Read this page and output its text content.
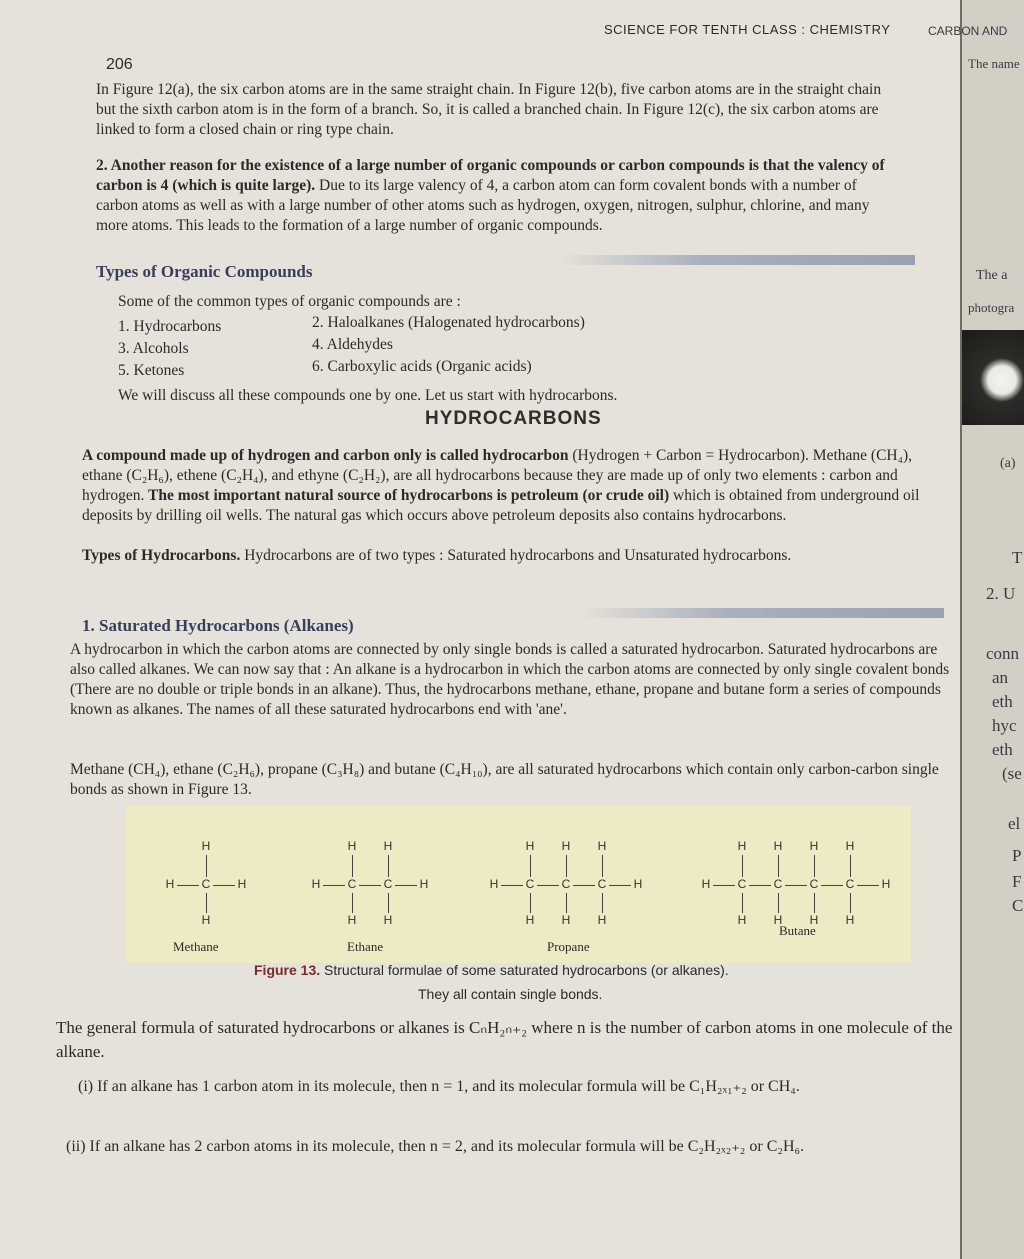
206
SCIENCE FOR TENTH CLASS : CHEMISTRY
In Figure 12(a), the six carbon atoms are in the same straight chain. In Figure 12(b), five carbon atoms are in the straight chain but the sixth carbon atom is in the form of a branch. So, it is called a branched chain. In Figure 12(c), the six carbon atoms are linked to form a closed chain or ring type chain.
2. Another reason for the existence of a large number of organic compounds or carbon compounds is that the valency of carbon is 4 (which is quite large). Due to its large valency of 4, a carbon atom can form covalent bonds with a number of carbon atoms as well as with a large number of other atoms such as hydrogen, oxygen, nitrogen, sulphur, chlorine, and many more atoms. This leads to the formation of a large number of organic compounds.
Types of Organic Compounds
Some of the common types of organic compounds are :
1. Hydrocarbons
3. Alcohols
5. Ketones
2. Haloalkanes (Halogenated hydrocarbons)
4. Aldehydes
6. Carboxylic acids (Organic acids)
We will discuss all these compounds one by one. Let us start with hydrocarbons.
HYDROCARBONS
A compound made up of hydrogen and carbon only is called hydrocarbon (Hydrogen + Carbon = Hydrocarbon). Methane (CH₄), ethane (C₂H₆), ethene (C₂H₄), and ethyne (C₂H₂), are all hydrocarbons because they are made up of only two elements : carbon and hydrogen. The most important natural source of hydrocarbons is petroleum (or crude oil) which is obtained from underground oil deposits by drilling oil wells. The natural gas which occurs above petroleum deposits also contains hydrocarbons.
Types of Hydrocarbons. Hydrocarbons are of two types : Saturated hydrocarbons and Unsaturated hydrocarbons.
1. Saturated Hydrocarbons (Alkanes)
A hydrocarbon in which the carbon atoms are connected by only single bonds is called a saturated hydrocarbon. Saturated hydrocarbons are also called alkanes. We can now say that : An alkane is a hydrocarbon in which the carbon atoms are connected by only single covalent bonds (There are no double or triple bonds in an alkane). Thus, the hydrocarbons methane, ethane, propane and butane form a series of compounds known as alkanes. The names of all these saturated hydrocarbons end with 'ane'.
Methane (CH₄), ethane (C₂H₆), propane (C₃H₈) and butane (C₄H₁₀), are all saturated hydrocarbons which contain only carbon-carbon single bonds as shown in Figure 13.
H
H C H
H
Methane
H H
H C C H
H H
Ethane
H H H
H C C C H
H H H
Propane
H H H H
H C C C C H
H H H H
Butane
Figure 13. Structural formulae of some saturated hydrocarbons (or alkanes).
They all contain single bonds.
The general formula of saturated hydrocarbons or alkanes is CₙH₂ₙ₊₂ where n is the number of carbon atoms in one molecule of the alkane.
(i) If an alkane has 1 carbon atom in its molecule, then n = 1, and its molecular formula will be C₁H₂ₓ₁₊₂ or CH₄.
(ii) If an alkane has 2 carbon atoms in its molecule, then n = 2, and its molecular formula will be C₂H₂ₓ₂₊₂ or C₂H₆.
CARBON AND
The name
The a
photogra
(a)
T
2. U
conn
an
eth
hyc
eth
(se
el
P
F
C
